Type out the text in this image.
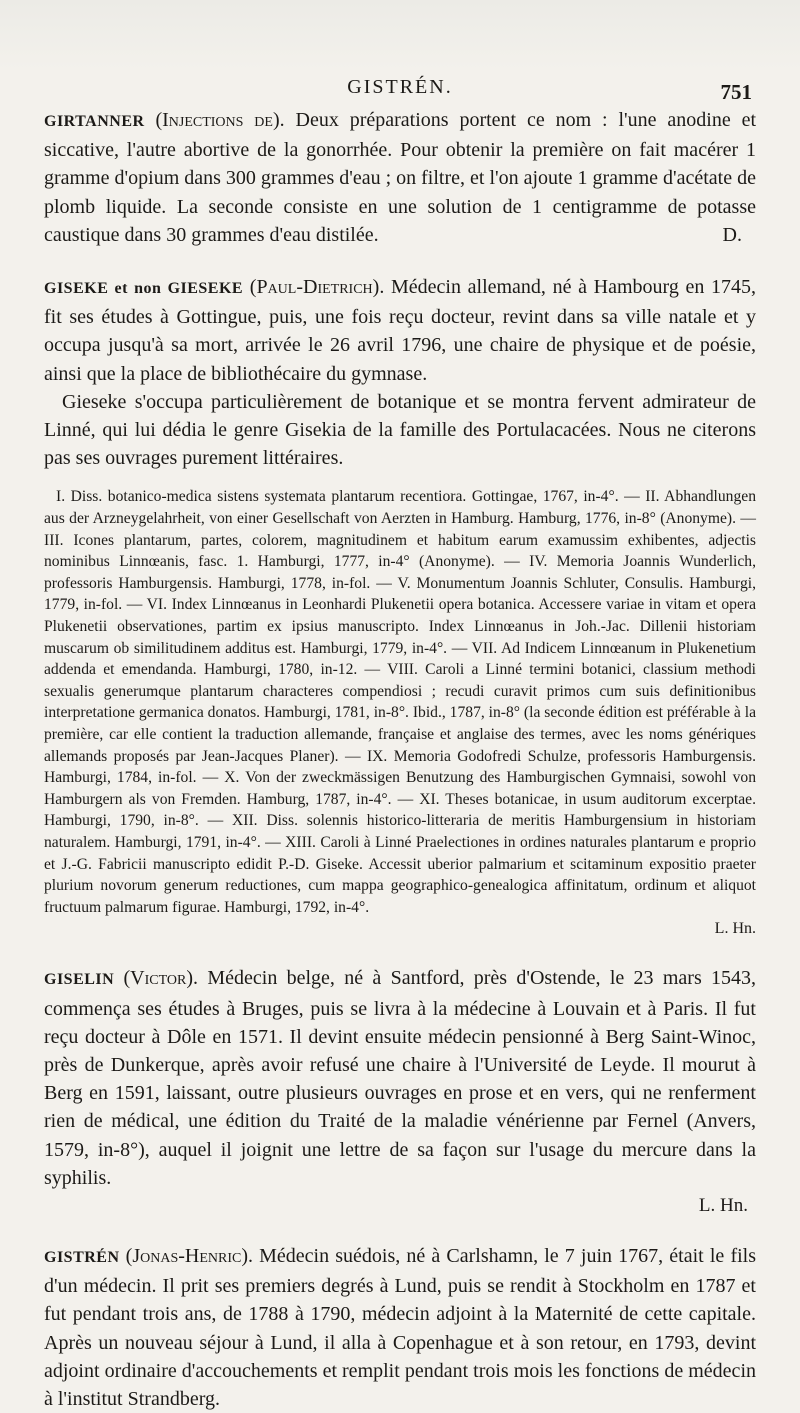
GISTRÉN.	751

GIRTANNER (Injections de). Deux préparations portent ce nom : l'une anodine et siccative, l'autre abortive de la gonorrhée. Pour obtenir la première on fait macérer 1 gramme d'opium dans 300 grammes d'eau ; on filtre, et l'on ajoute 1 gramme d'acétate de plomb liquide. La seconde consiste en une solution de 1 centigramme de potasse caustique dans 30 grammes d'eau distilée.	D.

GISEKE et non GIESEKE (Paul-Dietrich). Médecin allemand, né à Hambourg en 1745, fit ses études à Gottingue, puis, une fois reçu docteur, revint dans sa ville natale et y occupa jusqu'à sa mort, arrivée le 26 avril 1796, une chaire de physique et de poésie, ainsi que la place de bibliothécaire du gymnase.

Gieseke s'occupa particulièrement de botanique et se montra fervent admirateur de Linné, qui lui dédia le genre Gisekia de la famille des Portulacacées. Nous ne citerons pas ses ouvrages purement littéraires.

I. Diss. botanico-medica sistens systemata plantarum recentiora. Gottingae, 1767, in-4°. — II. Abhandlungen aus der Arzneygelahrheit, von einer Gesellschaft von Aerzten in Hamburg. Hamburg, 1776, in-8° (Anonyme). — III. Icones plantarum, partes, colorem, magnitudinem et habitum earum examussim exhibentes, adjectis nominibus Linnœanis, fasc. 1. Hamburgi, 1777, in-4° (Anonyme). — IV. Memoria Joannis Wunderlich, professoris Hamburgensis. Hamburgi, 1778, in-fol. — V. Monumentum Joannis Schluter, Consulis. Hamburgi, 1779, in-fol. — VI. Index Linnœanus in Leonhardi Plukenetii opera botanica. Accessere variae in vitam et opera Plukenetii observationes, partim ex ipsius manuscripto. Index Linnœanus in Joh.-Jac. Dillenii historiam muscarum ob similitudinem additus est. Hamburgi, 1779, in-4°. — VII. Ad Indicem Linnœanum in Plukenetium addenda et emendanda. Hamburgi, 1780, in-12. — VIII. Caroli a Linné termini botanici, classium methodi sexualis generumque plantarum characteres compendiosi ; recudi curavit primos cum suis definitionibus interpretatione germanica donatos. Hamburgi, 1781, in-8°. Ibid., 1787, in-8° (la seconde édition est préférable à la première, car elle contient la traduction allemande, française et anglaise des termes, avec les noms génériques allemands proposés par Jean-Jacques Planer). — IX. Memoria Godofredi Schulze, professoris Hamburgensis. Hamburgi, 1784, in-fol. — X. Von der zweckmässigen Benutzung des Hamburgischen Gymnaisi, sowohl von Hamburgern als von Fremden. Hamburg, 1787, in-4°. — XI. Theses botanicae, in usum auditorum excerptae. Hamburgi, 1790, in-8°. — XII. Diss. solennis historico-litteraria de meritis Hamburgensium in historiam naturalem. Hamburgi, 1791, in-4°. — XIII. Caroli à Linné Praelectiones in ordines naturales plantarum e proprio et J.-G. Fabricii manuscripto edidit P.-D. Giseke. Accessit uberior palmarium et scitaminum expositio praeter plurium novorum generum reductiones, cum mappa geographico-genealogica affinitatum, ordinum et aliquot fructuum palmarum figurae. Hamburgi, 1792, in-4°.

L. Hn.

GISELIN (Victor). Médecin belge, né à Santford, près d'Ostende, le 23 mars 1543, commença ses études à Bruges, puis se livra à la médecine à Louvain et à Paris. Il fut reçu docteur à Dôle en 1571. Il devint ensuite médecin pensionné à Berg Saint-Winoc, près de Dunkerque, après avoir refusé une chaire à l'Université de Leyde. Il mourut à Berg en 1591, laissant, outre plusieurs ouvrages en prose et en vers, qui ne renferment rien de médical, une édition du Traité de la maladie vénérienne par Fernel (Anvers, 1579, in-8°), auquel il joignit une lettre de sa façon sur l'usage du mercure dans la syphilis.

L. Hn.

GISTRÉN (Jonas-Henric). Médecin suédois, né à Carlshamn, le 7 juin 1767, était le fils d'un médecin. Il prit ses premiers degrés à Lund, puis se rendit à Stockholm en 1787 et fut pendant trois ans, de 1788 à 1790, médecin adjoint à la Maternité de cette capitale. Après un nouveau séjour à Lund, il alla à Copenhague et à son retour, en 1793, devint adjoint ordinaire d'accouchements et remplit pendant trois mois les fonctions de médecin à l'institut Strandberg.
